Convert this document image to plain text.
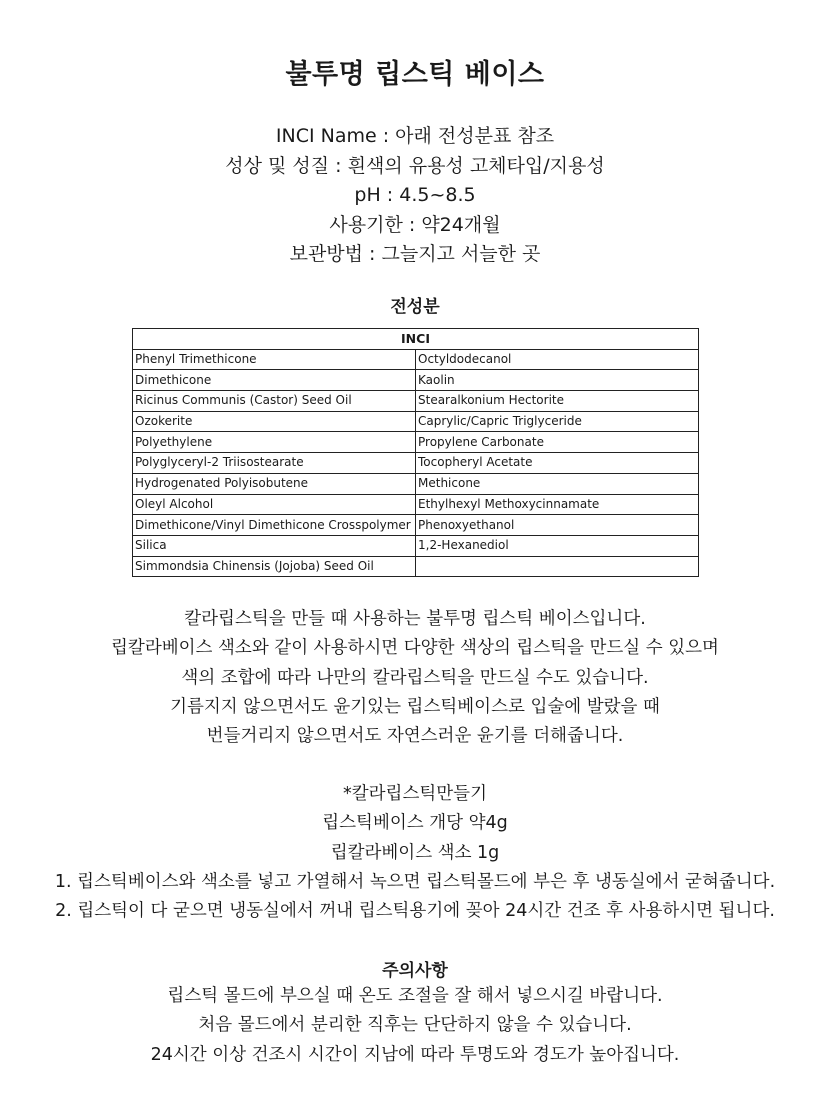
불투명 립스틱 베이스
INCI Name : 아래 전성분표 참조
성상 및 성질 : 흰색의 유용성 고체타입/지용성
pH : 4.5~8.5
사용기한 : 약24개월
보관방법 : 그늘지고 서늘한 곳
전성분
INCI	
Phenyl Trimethicone	Octyldodecanol
Dimethicone	Kaolin
Ricinus Communis (Castor) Seed Oil	Stearalkonium Hectorite
Ozokerite	Caprylic/Capric Triglyceride
Polyethylene	Propylene Carbonate
Polyglyceryl-2 Triisostearate	Tocopheryl Acetate
Hydrogenated Polyisobutene	Methicone
Oleyl Alcohol	Ethylhexyl Methoxycinnamate
Dimethicone/Vinyl Dimethicone Crosspolymer	Phenoxyethanol
Silica	1,2-Hexanediol
Simmondsia Chinensis (Jojoba) Seed Oil	
칼라립스틱을 만들 때 사용하는 불투명 립스틱 베이스입니다.
립칼라베이스 색소와 같이 사용하시면 다양한 색상의 립스틱을 만드실 수 있으며
색의 조합에 따라 나만의 칼라립스틱을 만드실 수도 있습니다.
기름지지 않으면서도 윤기있는 립스틱베이스로 입술에 발랐을 때
번들거리지 않으면서도 자연스러운 윤기를 더해줍니다.
*칼라립스틱만들기
립스틱베이스 개당 약4g
립칼라베이스 색소 1g
1. 립스틱베이스와 색소를 넣고 가열해서 녹으면 립스틱몰드에 부은 후 냉동실에서 굳혀줍니다.
2. 립스틱이 다 굳으면 냉동실에서 꺼내 립스틱용기에 꽂아 24시간 건조 후 사용하시면 됩니다.
주의사항
립스틱 몰드에 부으실 때 온도 조절을 잘 해서 넣으시길 바랍니다.
처음 몰드에서 분리한 직후는 단단하지 않을 수 있습니다.
24시간 이상 건조시 시간이 지남에 따라 투명도와 경도가 높아집니다.
